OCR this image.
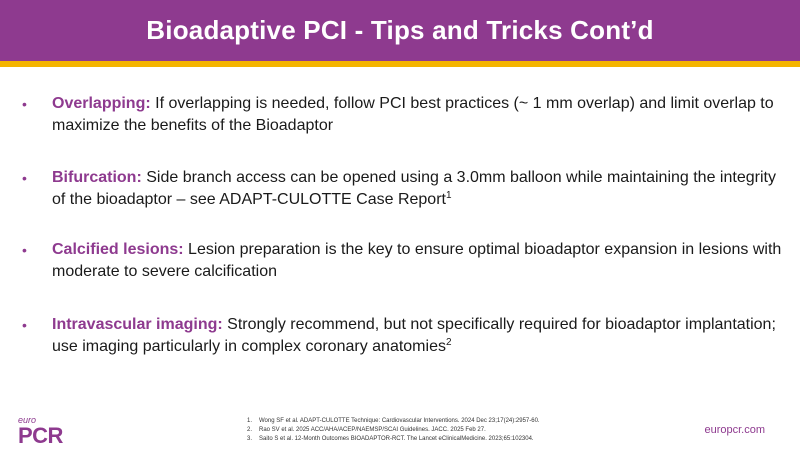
Bioadaptive PCI - Tips and Tricks Cont’d
•	Overlapping: If overlapping is needed, follow PCI best practices (~ 1 mm overlap) and limit overlap to maximize the benefits of the Bioadaptor
•	Bifurcation: Side branch access can be opened using a 3.0mm balloon while maintaining the integrity of the bioadaptor – see ADAPT-CULOTTE Case Report$^1$
•	Calcified lesions: Lesion preparation is the key to ensure optimal bioadaptor expansion in lesions with moderate to severe calcification
•	Intravascular imaging: Strongly recommend, but not specifically required for bioadaptor implantation; use imaging particularly in complex coronary anatomies$^2$
euro
PCR
1.	Wong SF et al. ADAPT-CULOTTE Technique: Cardiovascular Interventions. 2024 Dec 23;17(24):2957-60.
2.	Rao SV et al. 2025 ACC/AHA/ACEP/NAEMSP/SCAI Guidelines. JACC. 2025 Feb 27.
3.	Saito S et al. 12-Month Outcomes BIOADAPTOR-RCT. The Lancet eClinicalMedicine. 2023;65:102304.
europcr.com
